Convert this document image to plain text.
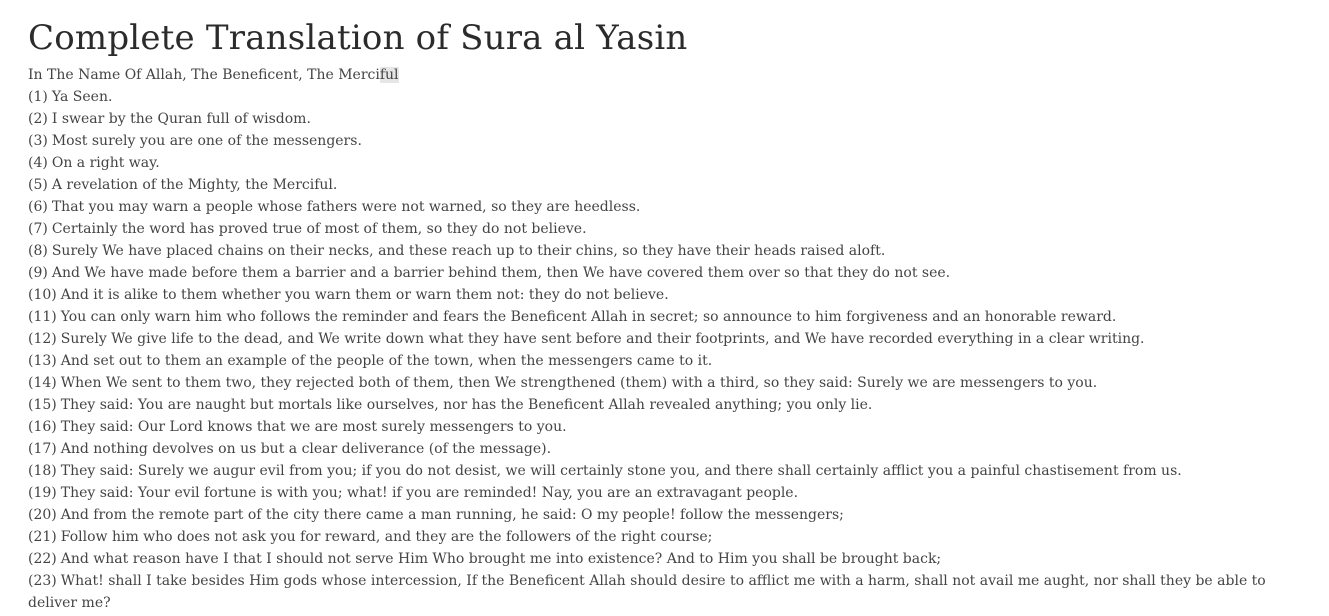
Complete Translation of Sura al Yasin

In The Name Of Allah, The Beneficent, The Merciful

(1) Ya Seen.

(2) I swear by the Quran full of wisdom.

(3) Most surely you are one of the messengers.

(4) On a right way.

(5) A revelation of the Mighty, the Merciful.

(6) That you may warn a people whose fathers were not warned, so they are heedless.

(7) Certainly the word has proved true of most of them, so they do not believe.

(8) Surely We have placed chains on their necks, and these reach up to their chins, so they have their heads raised aloft.

(9) And We have made before them a barrier and a barrier behind them, then We have covered them over so that they do not see.

(10) And it is alike to them whether you warn them or warn them not: they do not believe.

(11) You can only warn him who follows the reminder and fears the Beneficent Allah in secret; so announce to him forgiveness and an honorable reward.

(12) Surely We give life to the dead, and We write down what they have sent before and their footprints, and We have recorded everything in a clear writing.

(13) And set out to them an example of the people of the town, when the messengers came to it.

(14) When We sent to them two, they rejected both of them, then We strengthened (them) with a third, so they said: Surely we are messengers to you.

(15) They said: You are naught but mortals like ourselves, nor has the Beneficent Allah revealed anything; you only lie.

(16) They said: Our Lord knows that we are most surely messengers to you.

(17) And nothing devolves on us but a clear deliverance (of the message).

(18) They said: Surely we augur evil from you; if you do not desist, we will certainly stone you, and there shall certainly afflict you a painful chastisement from us.

(19) They said: Your evil fortune is with you; what! if you are reminded! Nay, you are an extravagant people.

(20) And from the remote part of the city there came a man running, he said: O my people! follow the messengers;

(21) Follow him who does not ask you for reward, and they are the followers of the right course;

(22) And what reason have I that I should not serve Him Who brought me into existence? And to Him you shall be brought back;

(23) What! shall I take besides Him gods whose intercession, If the Beneficent Allah should desire to afflict me with a harm, shall not avail me aught, nor shall they be able to deliver me?
